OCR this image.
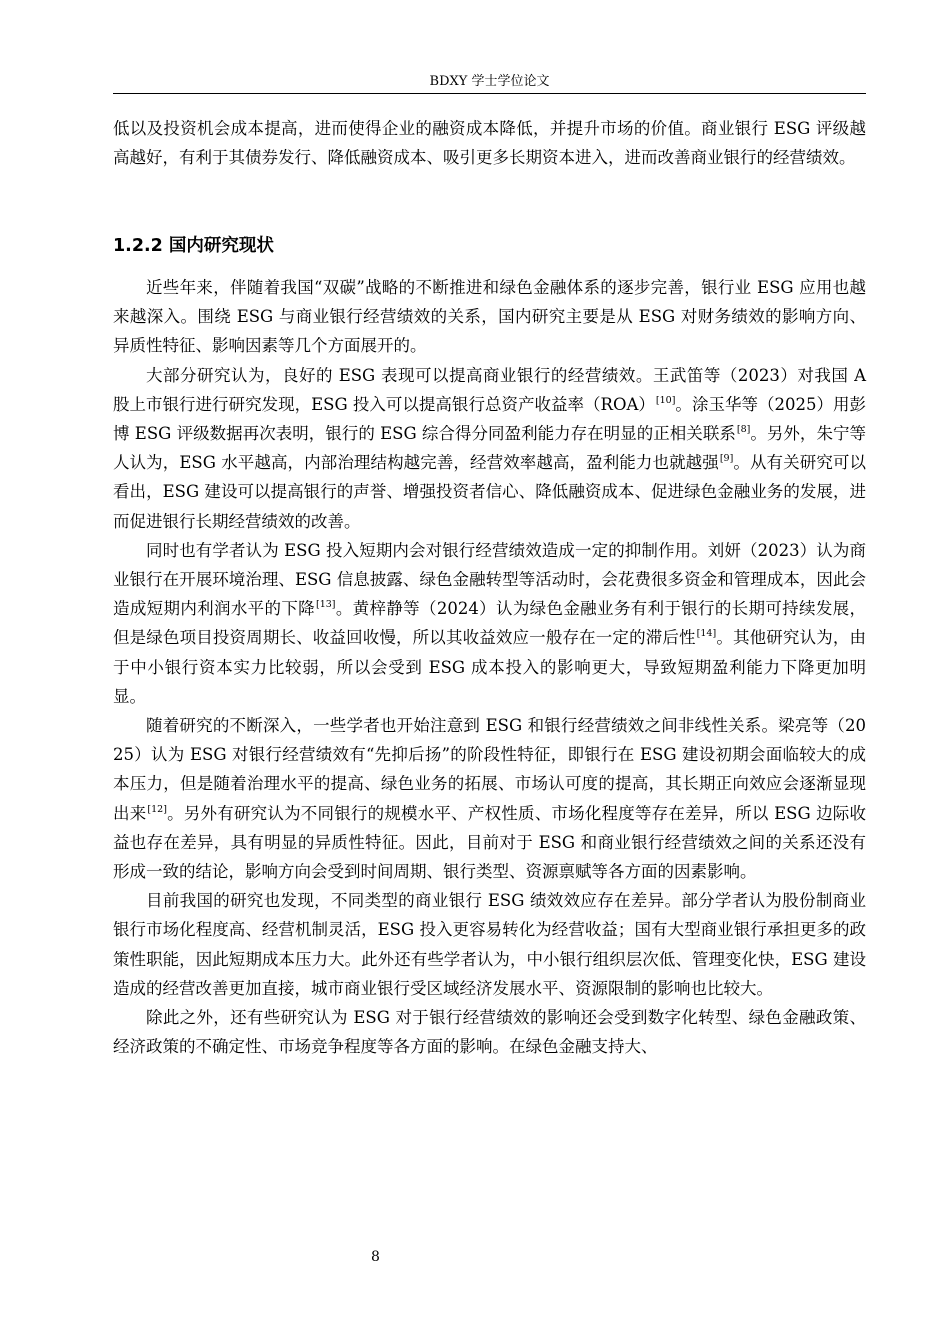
BDXY 学士学位论文

低以及投资机会成本提高，进而使得企业的融资成本降低，并提升市场的价值。商业银行 ESG 评级越高越好，有利于其债券发行、降低融资成本、吸引更多长期资本进入，进而改善商业银行的经营绩效。

1.2.2 国内研究现状

近些年来，伴随着我国“双碳”战略的不断推进和绿色金融体系的逐步完善，银行业 ESG 应用也越来越深入。围绕 ESG 与商业银行经营绩效的关系，国内研究主要是从 ESG 对财务绩效的影响方向、异质性特征、影响因素等几个方面展开的。

大部分研究认为，良好的 ESG 表现可以提高商业银行的经营绩效。王武笛等（2023）对我国 A 股上市银行进行研究发现，ESG 投入可以提高银行总资产收益率（ROA）[10]。涂玉华等（2025）用彭博 ESG 评级数据再次表明，银行的 ESG 综合得分同盈利能力存在明显的正相关联系[8]。另外，朱宁等人认为，ESG 水平越高，内部治理结构越完善，经营效率越高，盈利能力也就越强[9]。从有关研究可以看出，ESG 建设可以提高银行的声誉、增强投资者信心、降低融资成本、促进绿色金融业务的发展，进而促进银行长期经营绩效的改善。

同时也有学者认为 ESG 投入短期内会对银行经营绩效造成一定的抑制作用。刘妍（2023）认为商业银行在开展环境治理、ESG 信息披露、绿色金融转型等活动时，会花费很多资金和管理成本，因此会造成短期内利润水平的下降[13]。黄梓静等（2024）认为绿色金融业务有利于银行的长期可持续发展，但是绿色项目投资周期长、收益回收慢，所以其收益效应一般存在一定的滞后性[14]。其他研究认为，由于中小银行资本实力比较弱，所以会受到 ESG 成本投入的影响更大，导致短期盈利能力下降更加明显。

随着研究的不断深入，一些学者也开始注意到 ESG 和银行经营绩效之间非线性关系。梁亮等（2025）认为 ESG 对银行经营绩效有“先抑后扬”的阶段性特征，即银行在 ESG 建设初期会面临较大的成本压力，但是随着治理水平的提高、绿色业务的拓展、市场认可度的提高，其长期正向效应会逐渐显现出来[12]。另外有研究认为不同银行的规模水平、产权性质、市场化程度等存在差异，所以 ESG 边际收益也存在差异，具有明显的异质性特征。因此，目前对于 ESG 和商业银行经营绩效之间的关系还没有形成一致的结论，影响方向会受到时间周期、银行类型、资源禀赋等各方面的因素影响。

目前我国的研究也发现，不同类型的商业银行 ESG 绩效效应存在差异。部分学者认为股份制商业银行市场化程度高、经营机制灵活，ESG 投入更容易转化为经营收益；国有大型商业银行承担更多的政策性职能，因此短期成本压力大。此外还有些学者认为，中小银行组织层次低、管理变化快，ESG 建设造成的经营改善更加直接，城市商业银行受区域经济发展水平、资源限制的影响也比较大。

除此之外，还有些研究认为 ESG 对于银行经营绩效的影响还会受到数字化转型、绿色金融政策、经济政策的不确定性、市场竞争程度等各方面的影响。在绿色金融支持大、

8
